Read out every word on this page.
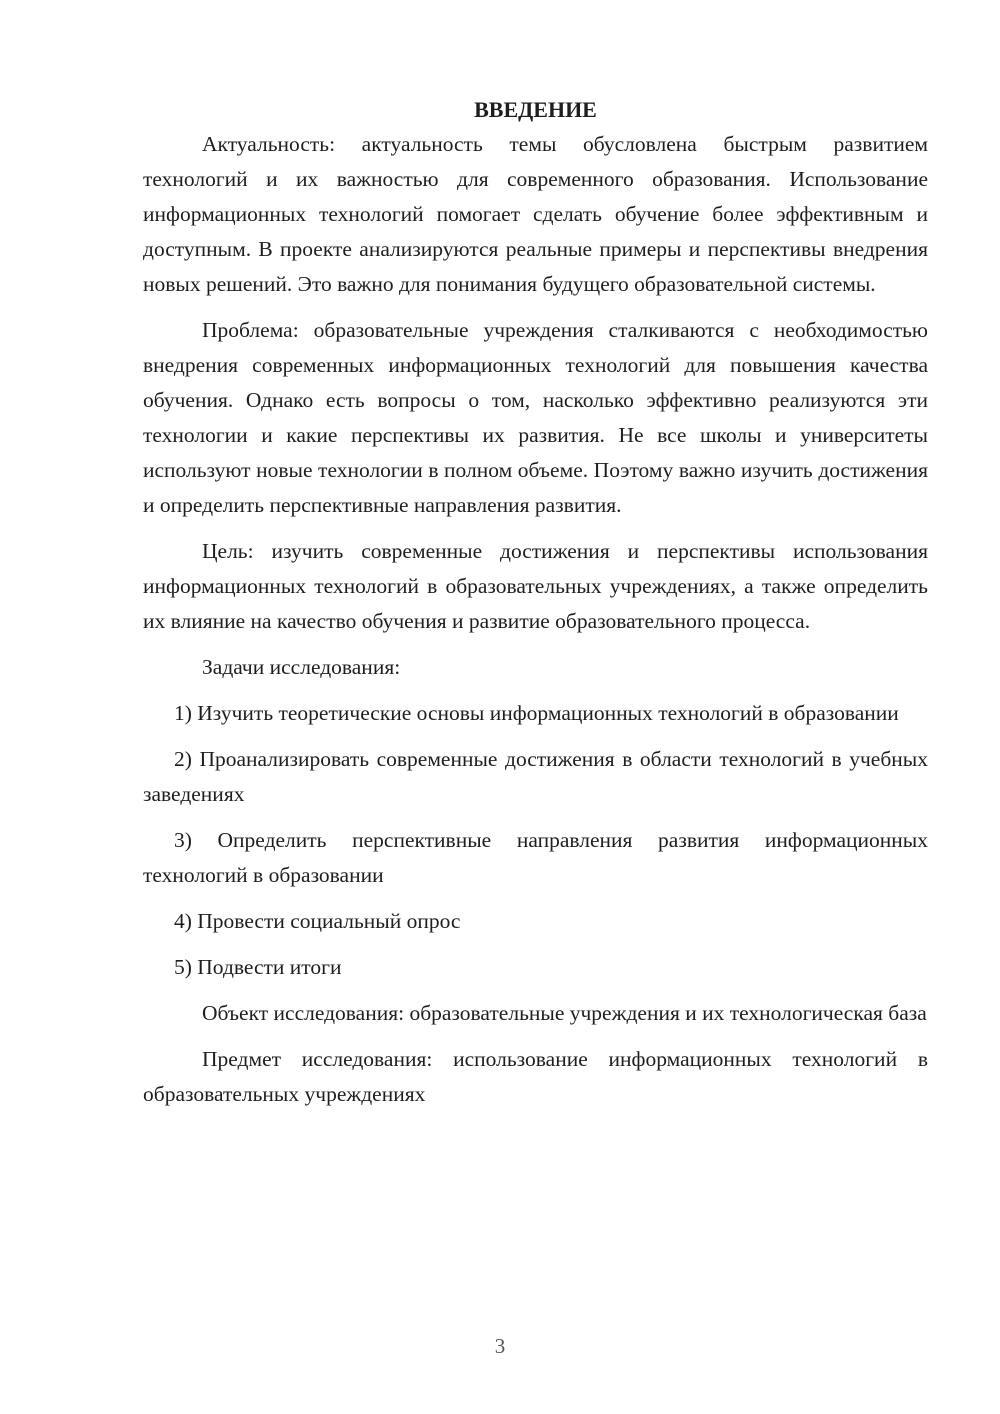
ВВЕДЕНИЕ

Актуальность: актуальность темы обусловлена быстрым развитием технологий и их важностью для современного образования. Использование информационных технологий помогает сделать обучение более эффективным и доступным. В проекте анализируются реальные примеры и перспективы внедрения новых решений. Это важно для понимания будущего образовательной системы.

Проблема: образовательные учреждения сталкиваются с необходимостью внедрения современных информационных технологий для повышения качества обучения. Однако есть вопросы о том, насколько эффективно реализуются эти технологии и какие перспективы их развития. Не все школы и университеты используют новые технологии в полном объеме. Поэтому важно изучить достижения и определить перспективные направления развития.

Цель: изучить современные достижения и перспективы использования информационных технологий в образовательных учреждениях, а также определить их влияние на качество обучения и развитие образовательного процесса.

Задачи исследования:

1) Изучить теоретические основы информационных технологий в образовании

2) Проанализировать современные достижения в области технологий в учебных заведениях

3) Определить перспективные направления развития информационных технологий в образовании

4) Провести социальный опрос

5) Подвести итоги

Объект исследования: образовательные учреждения и их технологическая база

Предмет исследования: использование информационных технологий в образовательных учреждениях

3
